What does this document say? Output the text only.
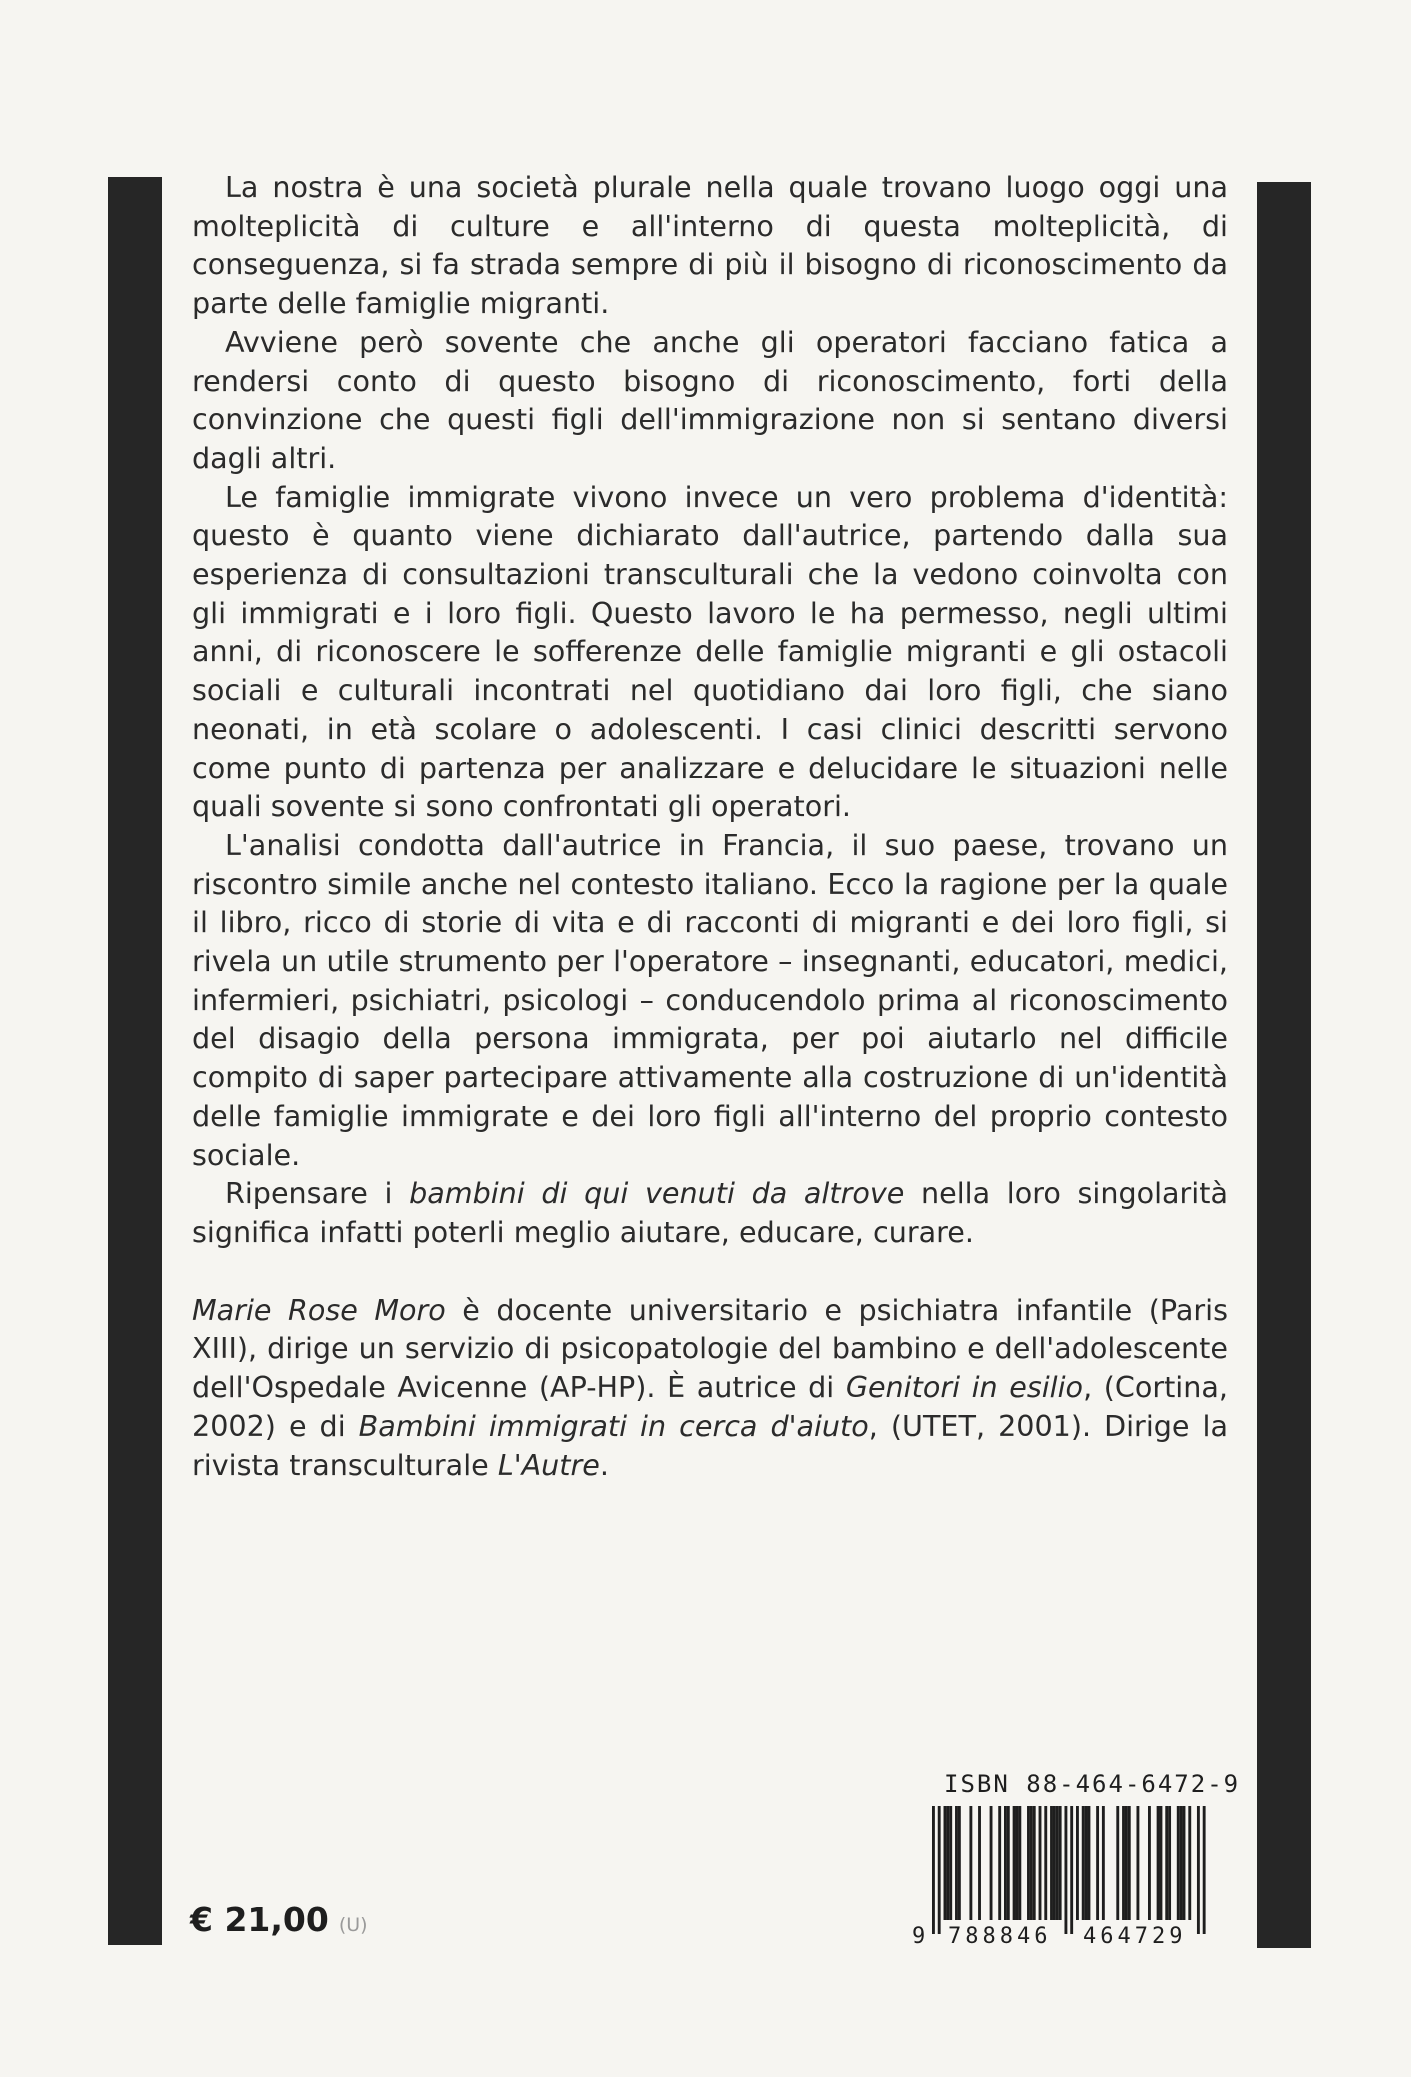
La nostra è una società plurale nella quale trovano luogo oggi una molteplicità di culture e all'interno di questa molteplicità, di conseguenza, si fa strada sempre di più il bisogno di riconoscimento da parte delle famiglie migranti.

Avviene però sovente che anche gli operatori facciano fatica a rendersi conto di questo bisogno di riconoscimento, forti della convinzione che questi figli dell'immigrazione non si sentano diversi dagli altri.

Le famiglie immigrate vivono invece un vero problema d'identità: questo è quanto viene dichiarato dall'autrice, partendo dalla sua esperienza di consultazioni transculturali che la vedono coinvolta con gli immigrati e i loro figli. Questo lavoro le ha permesso, negli ultimi anni, di riconoscere le sofferenze delle famiglie migranti e gli ostacoli sociali e culturali incontrati nel quotidiano dai loro figli, che siano neonati, in età scolare o adolescenti. I casi clinici descritti servono come punto di partenza per analizzare e delucidare le situazioni nelle quali sovente si sono confrontati gli operatori.

L'analisi condotta dall'autrice in Francia, il suo paese, trovano un riscontro simile anche nel contesto italiano. Ecco la ragione per la quale il libro, ricco di storie di vita e di racconti di migranti e dei loro figli, si rivela un utile strumento per l'operatore – insegnanti, educatori, medici, infermieri, psichiatri, psicologi – conducendolo prima al riconoscimento del disagio della persona immigrata, per poi aiutarlo nel difficile compito di saper partecipare attivamente alla costruzione di un'identità delle famiglie immigrate e dei loro figli all'interno del proprio contesto sociale.

Ripensare i bambini di qui venuti da altrove nella loro singolarità significa infatti poterli meglio aiutare, educare, curare.

Marie Rose Moro è docente universitario e psichiatra infantile (Paris XIII), dirige un servizio di psicopatologie del bambino e dell'adolescente dell'Ospedale Avicenne (AP-HP). È autrice di Genitori in esilio, (Cortina, 2002) e di Bambini immigrati in cerca d'aiuto, (UTET, 2001). Dirige la rivista transculturale L'Autre.

€ 21,00 (U)
ISBN 88-464-6472-9
9 788846 464729
